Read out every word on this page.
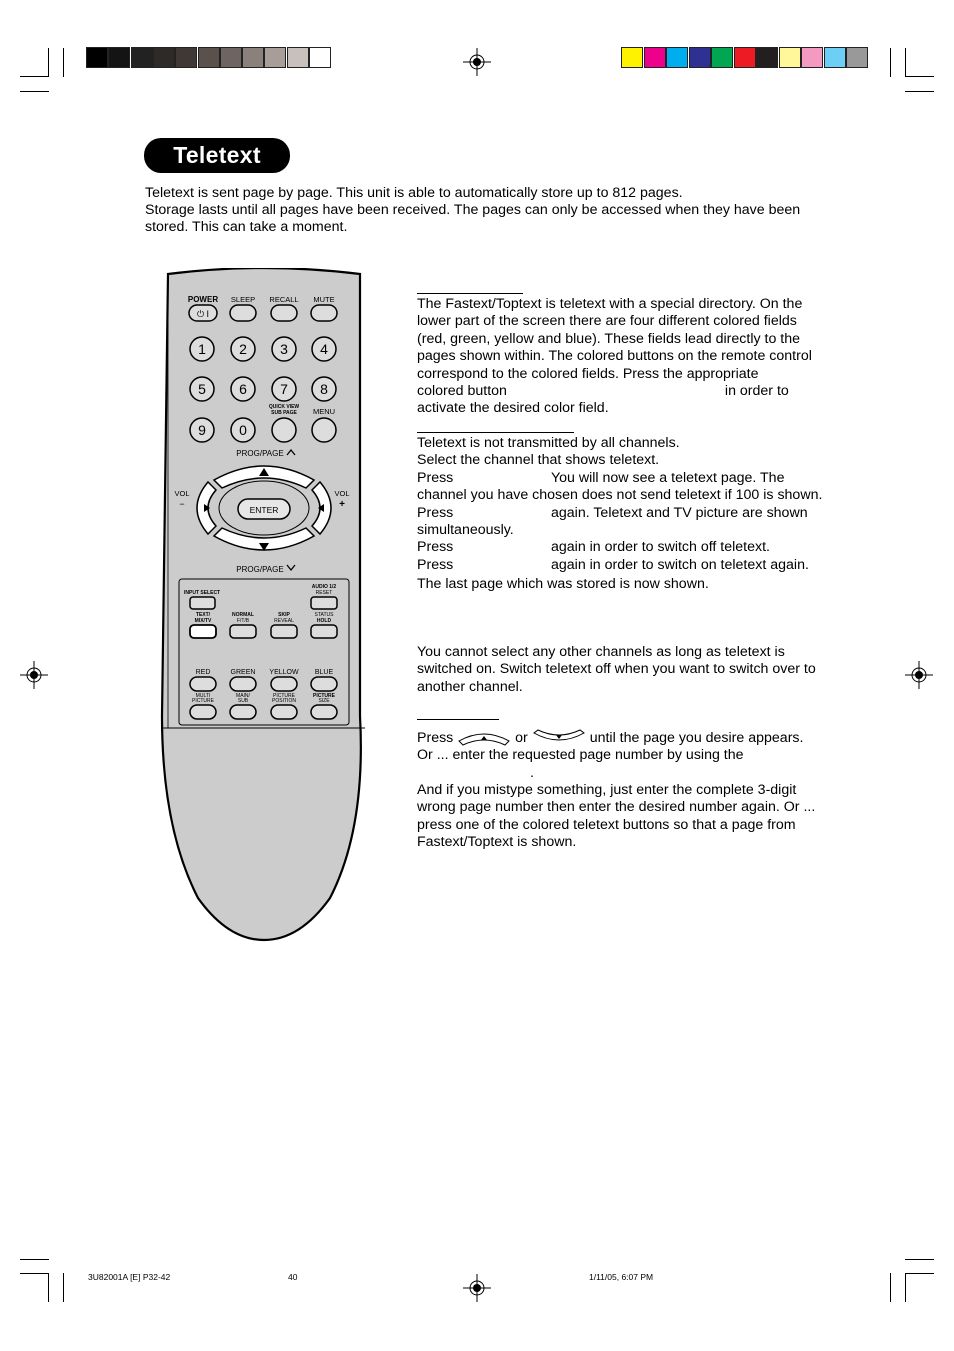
Teletext

Teletext is sent page by page. This unit is able to automatically store up to 812 pages.

Storage lasts until all pages have been received. The pages can only be accessed when they have been stored. This can take a moment.

POWER SLEEP RECALL MUTE
⏻ I
1 2 3 4
5 6 7 8
9 0
QUICK VIEW
SUB PAGE MENU
PROG/PAGE
ENTER
VOL
−
VOL
+
PROG/PAGE
INPUT SELECT
AUDIO 1/2
RESET
TEXT/
MIX/TV
NORMAL
F/T/B
SKIP
REVEAL
STATUS
HOLD
RED	GREEN YELLOW BLUE
MULTI
PICTURE
MAIN/
SUB
PICTURE
POSITION
PICTURE
SIZE

The Fastext/Toptext is teletext with a special directory. On the lower part of the screen there are four different colored fields (red, green, yellow and blue). These fields lead directly to the pages shown within. The colored buttons on the remote control correspond to the colored fields. Press the appropriate

colored button	in order to

activate the desired color field.

Teletext is not transmitted by all channels.

Select the channel that shows teletext.

Press	You will now see a teletext page. The

channel you have chosen does not send teletext if 100 is shown.

Press	again. Teletext and TV picture are shown

simultaneously.

Press	again in order to switch off teletext.

Press	again in order to switch on teletext again.

The last page which was stored is now shown.

You cannot select any other channels as long as teletext is switched on. Switch teletext off when you want to switch over to another channel.

Press	or	until the page you desire appears.

Or ... enter the requested page number by using the

.

And if you mistype something, just enter the complete 3-digit wrong page number then enter the desired number again. Or ... press one of the colored teletext buttons so that a page from Fastext/Toptext is shown.

3U82001A [E] P32-42	40	1/11/05, 6:07 PM
